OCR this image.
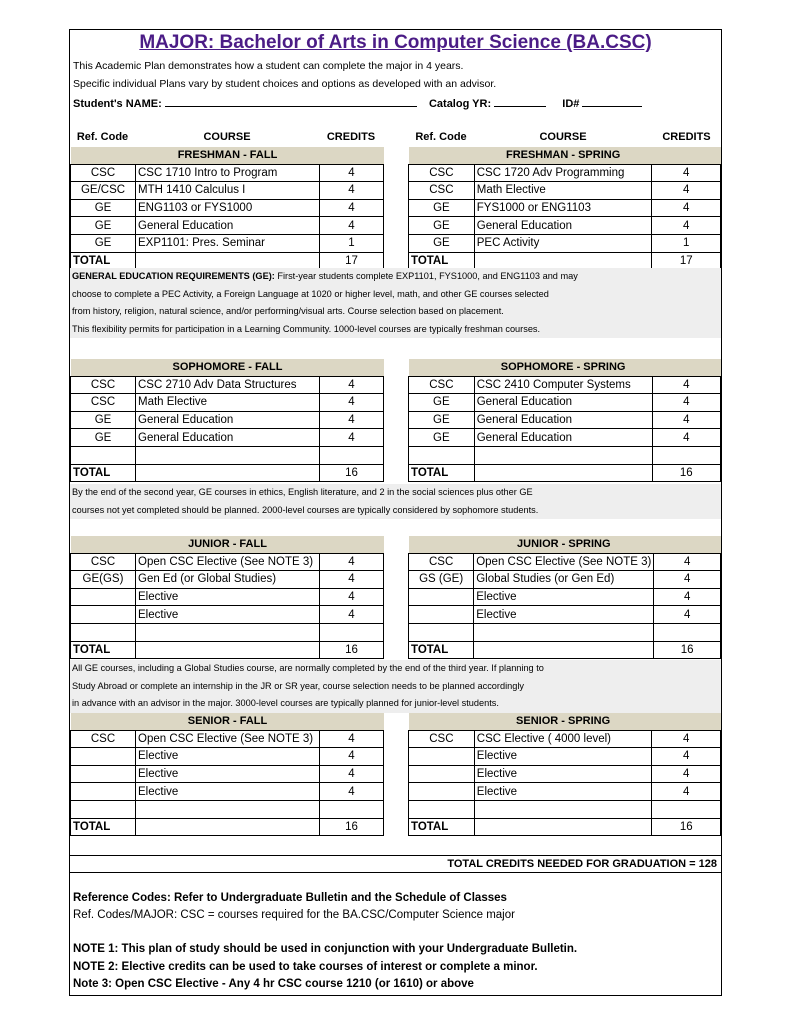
MAJOR: Bachelor of Arts in Computer Science (BA.CSC)
This Academic Plan demonstrates how a student can complete the major in 4 years.
Specific individual Plans vary by student choices and options as developed with an advisor.
Student's NAME:	Catalog YR:	ID#
Ref. Code	COURSE	CREDITS	Ref. Code	COURSE	CREDITS
	FRESHMAN - FALL	
CSC	CSC 1710 Intro to Program	4
GE/CSC	MTH 1410 Calculus I	4
GE	ENG1103 or FYS1000	4
GE	General Education	4
GE	EXP1101: Pres. Seminar	1
TOTAL		17
	FRESHMAN - SPRING	
CSC	CSC 1720 Adv Programming	4
CSC	Math Elective	4
GE	FYS1000 or ENG1103	4
GE	General Education	4
GE	PEC Activity	1
TOTAL		17
GENERAL EDUCATION REQUIREMENTS (GE): First-year students complete EXP1101, FYS1000, and ENG1103 and may
choose to complete a PEC Activity, a Foreign Language at 1020 or higher level, math, and other GE courses selected
from history, religion, natural science, and/or performing/visual arts. Course selection based on placement.
This flexibility permits for participation in a Learning Community. 1000-level courses are typically freshman courses.
	SOPHOMORE - FALL	
CSC	CSC 2710 Adv Data Structures	4
CSC	Math Elective	4
GE	General Education	4
GE	General Education	4

TOTAL		16
	SOPHOMORE - SPRING	
CSC	CSC 2410 Computer Systems	4
GE	General Education	4
GE	General Education	4
GE	General Education	4

TOTAL		16
By the end of the second year, GE courses in ethics, English literature, and 2 in the social sciences plus other GE
courses not yet completed should be planned. 2000-level courses are typically considered by sophomore students.
	JUNIOR - FALL	
CSC	Open CSC Elective (See NOTE 3)	4
GE(GS)	Gen Ed (or Global Studies)	4
	Elective	4
	Elective	4

TOTAL		16
	JUNIOR - SPRING	
CSC	Open CSC Elective (See NOTE 3)	4
GS (GE)	Global Studies (or Gen Ed)	4
	Elective	4
	Elective	4

TOTAL		16
All GE courses, including a Global Studies course, are normally completed by the end of the third year. If planning to
Study Abroad or complete an internship in the JR or SR year, course selection needs to be planned accordingly
in advance with an advisor in the major. 3000-level courses are typically planned for junior-level students.
	SENIOR - FALL	
CSC	Open CSC Elective (See NOTE 3)	4
	Elective	4
	Elective	4
	Elective	4

TOTAL		16
	SENIOR - SPRING	
CSC	CSC Elective ( 4000 level)	4
	Elective	4
	Elective	4
	Elective	4

TOTAL		16
TOTAL CREDITS NEEDED FOR GRADUATION = 128
Reference Codes: Refer to Undergraduate Bulletin and the Schedule of Classes
Ref. Codes/MAJOR: CSC = courses required for the BA.CSC/Computer Science major
NOTE 1: This plan of study should be used in conjunction with your Undergraduate Bulletin.
NOTE 2: Elective credits can be used to take courses of interest or complete a minor.
Note 3: Open CSC Elective - Any 4 hr CSC course 1210 (or 1610) or above
